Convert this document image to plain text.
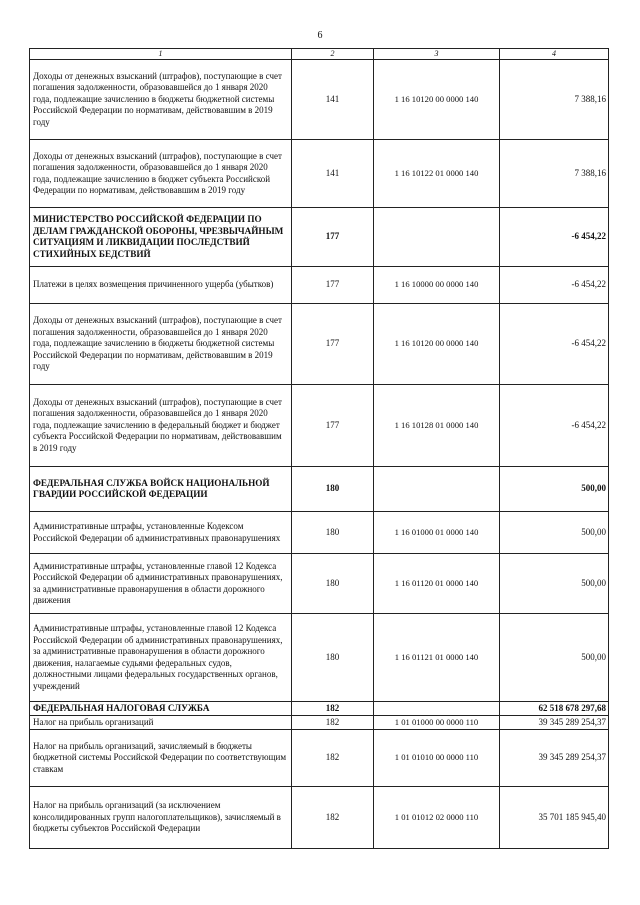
6
1	2	3	4
Доходы от денежных взысканий (штрафов), поступающие в счет погашения задолженности, образовавшейся до 1 января 2020 года, подлежащие зачислению в бюджеты бюджетной системы Российской Федерации по нормативам, действовавшим в 2019 году	141	1 16 10120 00 0000 140	7 388,16
Доходы от денежных взысканий (штрафов), поступающие в счет погашения задолженности, образовавшейся до 1 января 2020 года, подлежащие зачислению в бюджет субъекта Российской Федерации по нормативам, действовавшим в 2019 году	141	1 16 10122 01 0000 140	7 388,16
МИНИСТЕРСТВО РОССИЙСКОЙ ФЕДЕРАЦИИ ПО ДЕЛАМ ГРАЖДАНСКОЙ ОБОРОНЫ, ЧРЕЗВЫЧАЙНЫМ СИТУАЦИЯМ И ЛИКВИДАЦИИ ПОСЛЕДСТВИЙ СТИХИЙНЫХ БЕДСТВИЙ	177		-6 454,22
Платежи в целях возмещения причиненного ущерба (убытков)	177	1 16 10000 00 0000 140	-6 454,22
Доходы от денежных взысканий (штрафов), поступающие в счет погашения задолженности, образовавшейся до 1 января 2020 года, подлежащие зачислению в бюджеты бюджетной системы Российской Федерации по нормативам, действовавшим в 2019 году	177	1 16 10120 00 0000 140	-6 454,22
Доходы от денежных взысканий (штрафов), поступающие в счет погашения задолженности, образовавшейся до 1 января 2020 года, подлежащие зачислению в федеральный бюджет и бюджет субъекта Российской Федерации по нормативам, действовавшим в 2019 году	177	1 16 10128 01 0000 140	-6 454,22
ФЕДЕРАЛЬНАЯ СЛУЖБА ВОЙСК НАЦИОНАЛЬНОЙ ГВАРДИИ РОССИЙСКОЙ ФЕДЕРАЦИИ	180		500,00
Административные штрафы, установленные Кодексом Российской Федерации об административных правонарушениях	180	1 16 01000 01 0000 140	500,00
Административные штрафы, установленные главой 12 Кодекса Российской Федерации об административных правонарушениях, за административные правонарушения в области дорожного движения	180	1 16 01120 01 0000 140	500,00
Административные штрафы, установленные главой 12 Кодекса Российской Федерации об административных правонарушениях, за административные правонарушения в области дорожного движения, налагаемые судьями федеральных судов, должностными лицами федеральных государственных органов, учреждений	180	1 16 01121 01 0000 140	500,00
ФЕДЕРАЛЬНАЯ НАЛОГОВАЯ СЛУЖБА	182		62 518 678 297,68
Налог на прибыль организаций	182	1 01 01000 00 0000 110	39 345 289 254,37
Налог на прибыль организаций, зачисляемый в бюджеты бюджетной системы Российской Федерации по соответствующим ставкам	182	1 01 01010 00 0000 110	39 345 289 254,37
Налог на прибыль организаций (за исключением консолидированных групп налогоплательщиков), зачисляемый в бюджеты субъектов Российской Федерации	182	1 01 01012 02 0000 110	35 701 185 945,40
